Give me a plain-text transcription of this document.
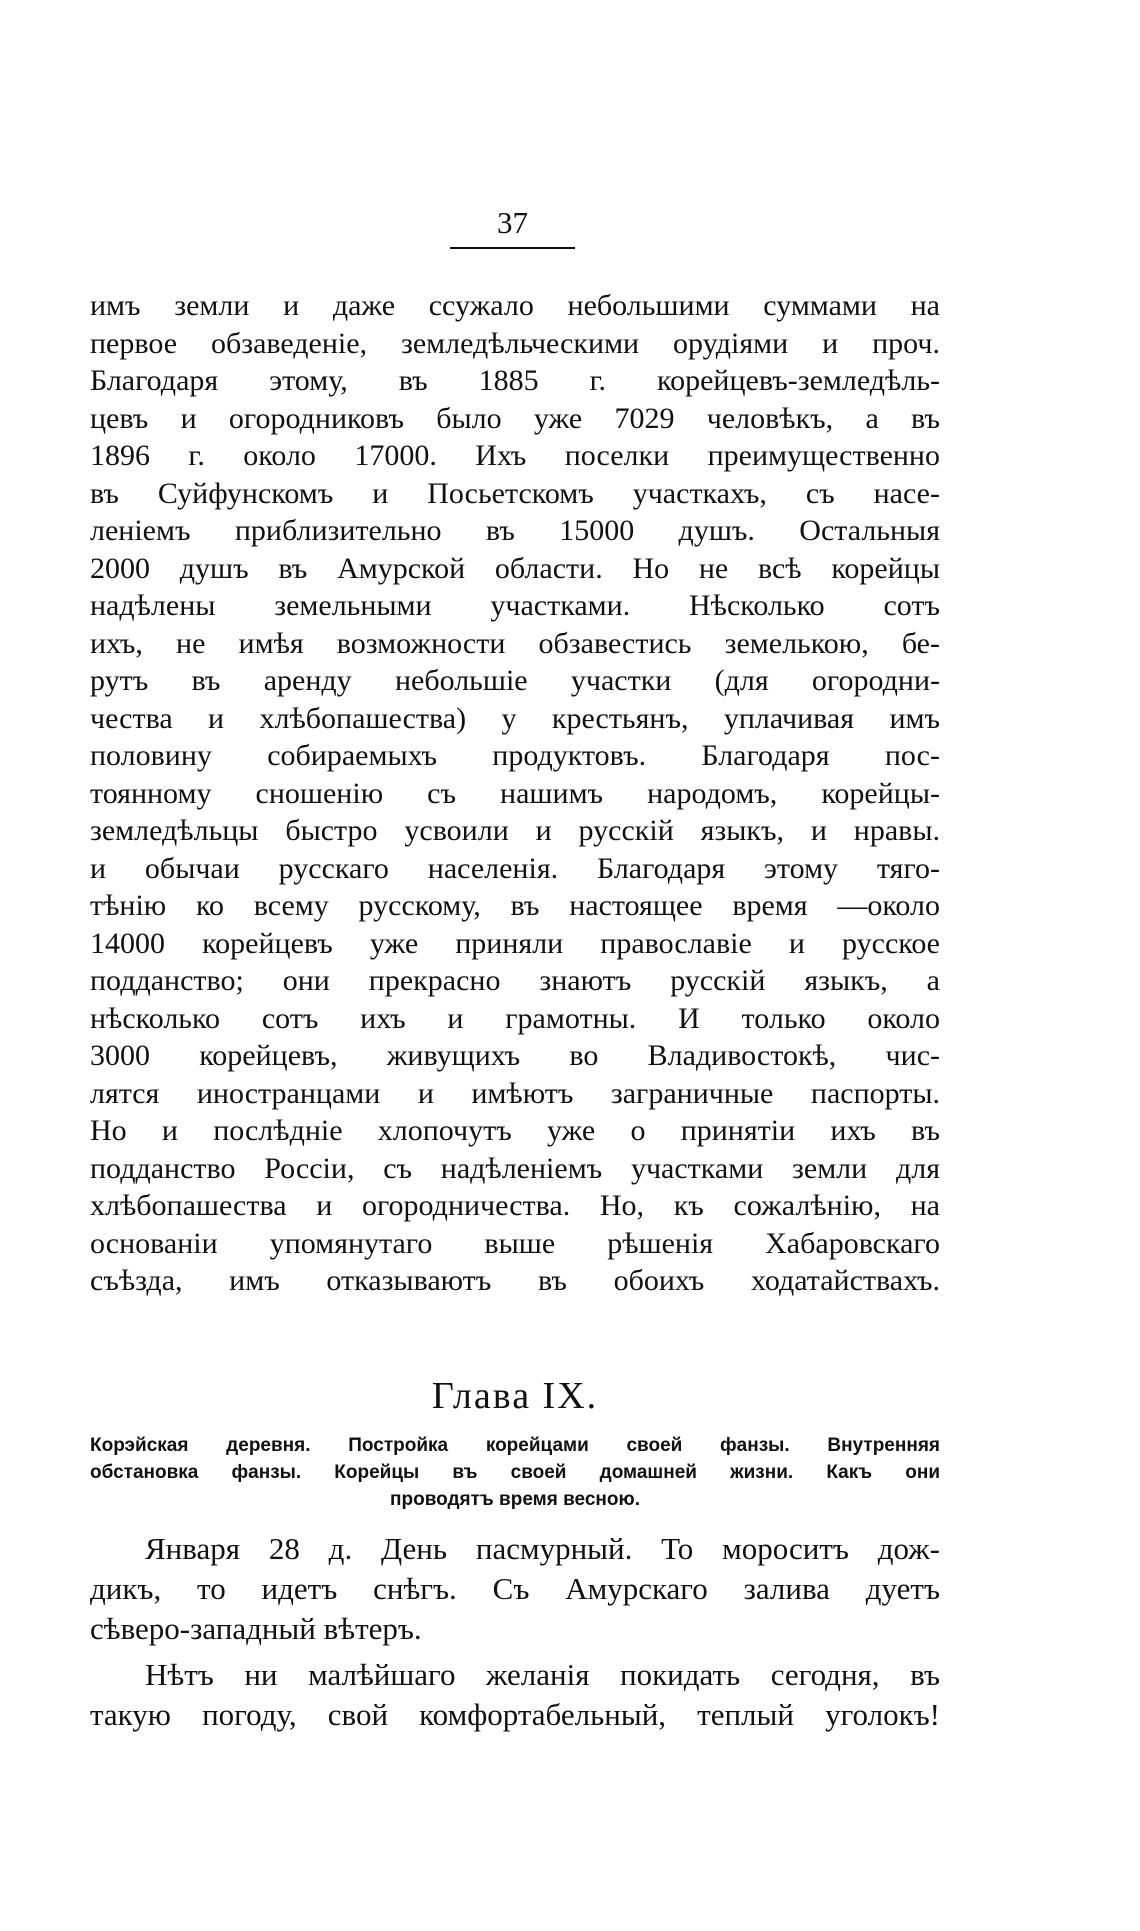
37
имъ земли и даже ссужало небольшими суммами на
первое обзаведеніе, земледѣльческими орудіями и проч.
Благодаря этому, въ 1885 г. корейцевъ-земледѣль-
цевъ и огородниковъ было уже 7029 человѣкъ, а въ
1896 г. около 17000. Ихъ поселки преимущественно
въ Суйфунскомъ и Посьетскомъ участкахъ, съ насе-
леніемъ приблизительно въ 15000 душъ. Остальныя
2000 душъ въ Амурской области. Но не всѣ корейцы
надѣлены земельными участками. Нѣсколько сотъ
ихъ, не имѣя возможности обзавестись земелькою, бе-
рутъ въ аренду небольшіе участки (для огородни-
чества и хлѣбопашества) у крестьянъ, уплачивая имъ
половину собираемыхъ продуктовъ. Благодаря пос-
тоянному сношенію съ нашимъ народомъ, корейцы-
земледѣльцы быстро усвоили и русскій языкъ, и нравы.
и обычаи русскаго населенія. Благодаря этому тяго-
тѣнію ко всему русскому, въ настоящее время —около
14000 корейцевъ уже приняли православіе и русское
подданство; они прекрасно знаютъ русскій языкъ, а
нѣсколько сотъ ихъ и грамотны. И только около
3000 корейцевъ, живущихъ во Владивостокѣ, чис-
лятся иностранцами и имѣютъ заграничные паспорты.
Но и послѣдніе хлопочутъ уже о принятіи ихъ въ
подданство Россіи, съ надѣленіемъ участками земли для
хлѣбопашества и огородничества. Но, къ сожалѣнію, на
основаніи упомянутаго выше рѣшенія Хабаровскаго
съѣзда, имъ отказываютъ въ обоихъ ходатайствахъ.
Глава IX.
Корэйская деревня. Постройка корейцами своей фанзы. Внутренняя
обстановка фанзы. Корейцы въ своей домашней жизни. Какъ они
проводятъ время весною.
Января 28 д. День пасмурный. То мороситъ дож-
дикъ, то идетъ снѣгъ. Съ Амурскаго залива дуетъ
сѣверо-западный вѣтеръ.
Нѣтъ ни малѣйшаго желанія покидать сегодня, въ
такую погоду, свой комфортабельный, теплый уголокъ!
